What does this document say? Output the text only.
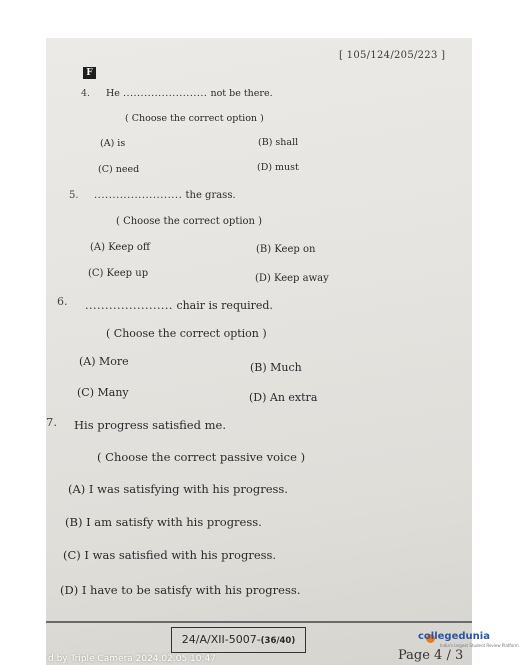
[ 105/124/205/223 ]
F
4. He ........................ not be there.
( Choose the correct option )
(A) is	(B) shall
(C) need	(D) must
5. ........................ the grass.
( Choose the correct option )
(A) Keep off	(B) Keep on
(C) Keep up	(D) Keep away
6. ...................... chair is required.
( Choose the correct option )
(A) More	(B) Much
(C) Many	(D) An extra
7. His progress satisfied me.
( Choose the correct passive voice )
(A) I was satisfying with his progress.
(B) I am satisfy with his progress.
(C) I was satisfied with his progress.
(D) I have to be satisfy with his progress.
24/A/XII-5007-(36/40)	collegedunia
India's largest Student Review Platform
Page 4 / 3
d by Triple Camera 2024.02.05 10:47
